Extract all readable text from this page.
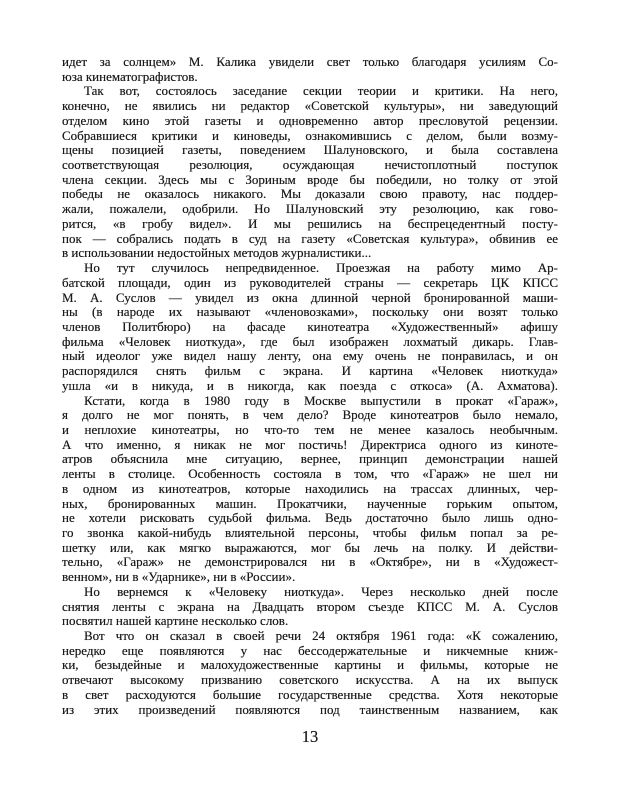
идет за солнцем» М. Калика увидели свет только благодаря усилиям Со-
юза кинематографистов.
Так вот, состоялось заседание секции теории и критики. На него,
конечно, не явились ни редактор «Советской культуры», ни заведующий
отделом кино этой газеты и одновременно автор пресловутой рецензии.
Собравшиеся критики и киноведы, ознакомившись с делом, были возму-
щены позицией газеты, поведением Шалуновского, и была составлена
соответствующая резолюция, осуждающая нечистоплотный поступок
члена секции. Здесь мы с Зориным вроде бы победили, но толку от этой
победы не оказалось никакого. Мы доказали свою правоту, нас поддер-
жали, пожалели, одобрили. Но Шалуновский эту резолюцию, как гово-
рится, «в гробу видел». И мы решились на беспрецедентный посту-
пок — собрались подать в суд на газету «Советская культура», обвинив ее
в использовании недостойных методов журналистики...
Но тут случилось непредвиденное. Проезжая на работу мимо Ар-
батской площади, один из руководителей страны — секретарь ЦК КПСС
М. А. Суслов — увидел из окна длинной черной бронированной маши-
ны (в народе их называют «членовозками», поскольку они возят только
членов Политбюро) на фасаде кинотеатра «Художественный» афишу
фильма «Человек ниоткуда», где был изображен лохматый дикарь. Глав-
ный идеолог уже видел нашу ленту, она ему очень не понравилась, и он
распорядился снять фильм с экрана. И картина «Человек ниоткуда»
ушла «и в никуда, и в никогда, как поезда с откоса» (А. Ахматова).
Кстати, когда в 1980 году в Москве выпустили в прокат «Гараж»,
я долго не мог понять, в чем дело? Вроде кинотеатров было немало,
и неплохие кинотеатры, но что-то тем не менее казалось необычным.
А что именно, я никак не мог постичь! Директриса одного из киноте-
атров объяснила мне ситуацию, вернее, принцип демонстрации нашей
ленты в столице. Особенность состояла в том, что «Гараж» не шел ни
в одном из кинотеатров, которые находились на трассах длинных, чер-
ных, бронированных машин. Прокатчики, наученные горьким опытом,
не хотели рисковать судьбой фильма. Ведь достаточно было лишь одно-
го звонка какой-нибудь влиятельной персоны, чтобы фильм попал за ре-
шетку или, как мягко выражаются, мог бы лечь на полку. И действи-
тельно, «Гараж» не демонстрировался ни в «Октябре», ни в «Художест-
венном», ни в «Ударнике», ни в «России».
Но вернемся к «Человеку ниоткуда». Через несколько дней после
снятия ленты с экрана на Двадцать втором съезде КПСС М. А. Суслов
посвятил нашей картине несколько слов.
Вот что он сказал в своей речи 24 октября 1961 года: «К сожалению,
нередко еще появляются у нас бессодержательные и никчемные книж-
ки, безыдейные и малохудожественные картины и фильмы, которые не
отвечают высокому призванию советского искусства. А на их выпуск
в свет расходуются большие государственные средства. Хотя некоторые
из этих произведений появляются под таинственным названием, как
13
